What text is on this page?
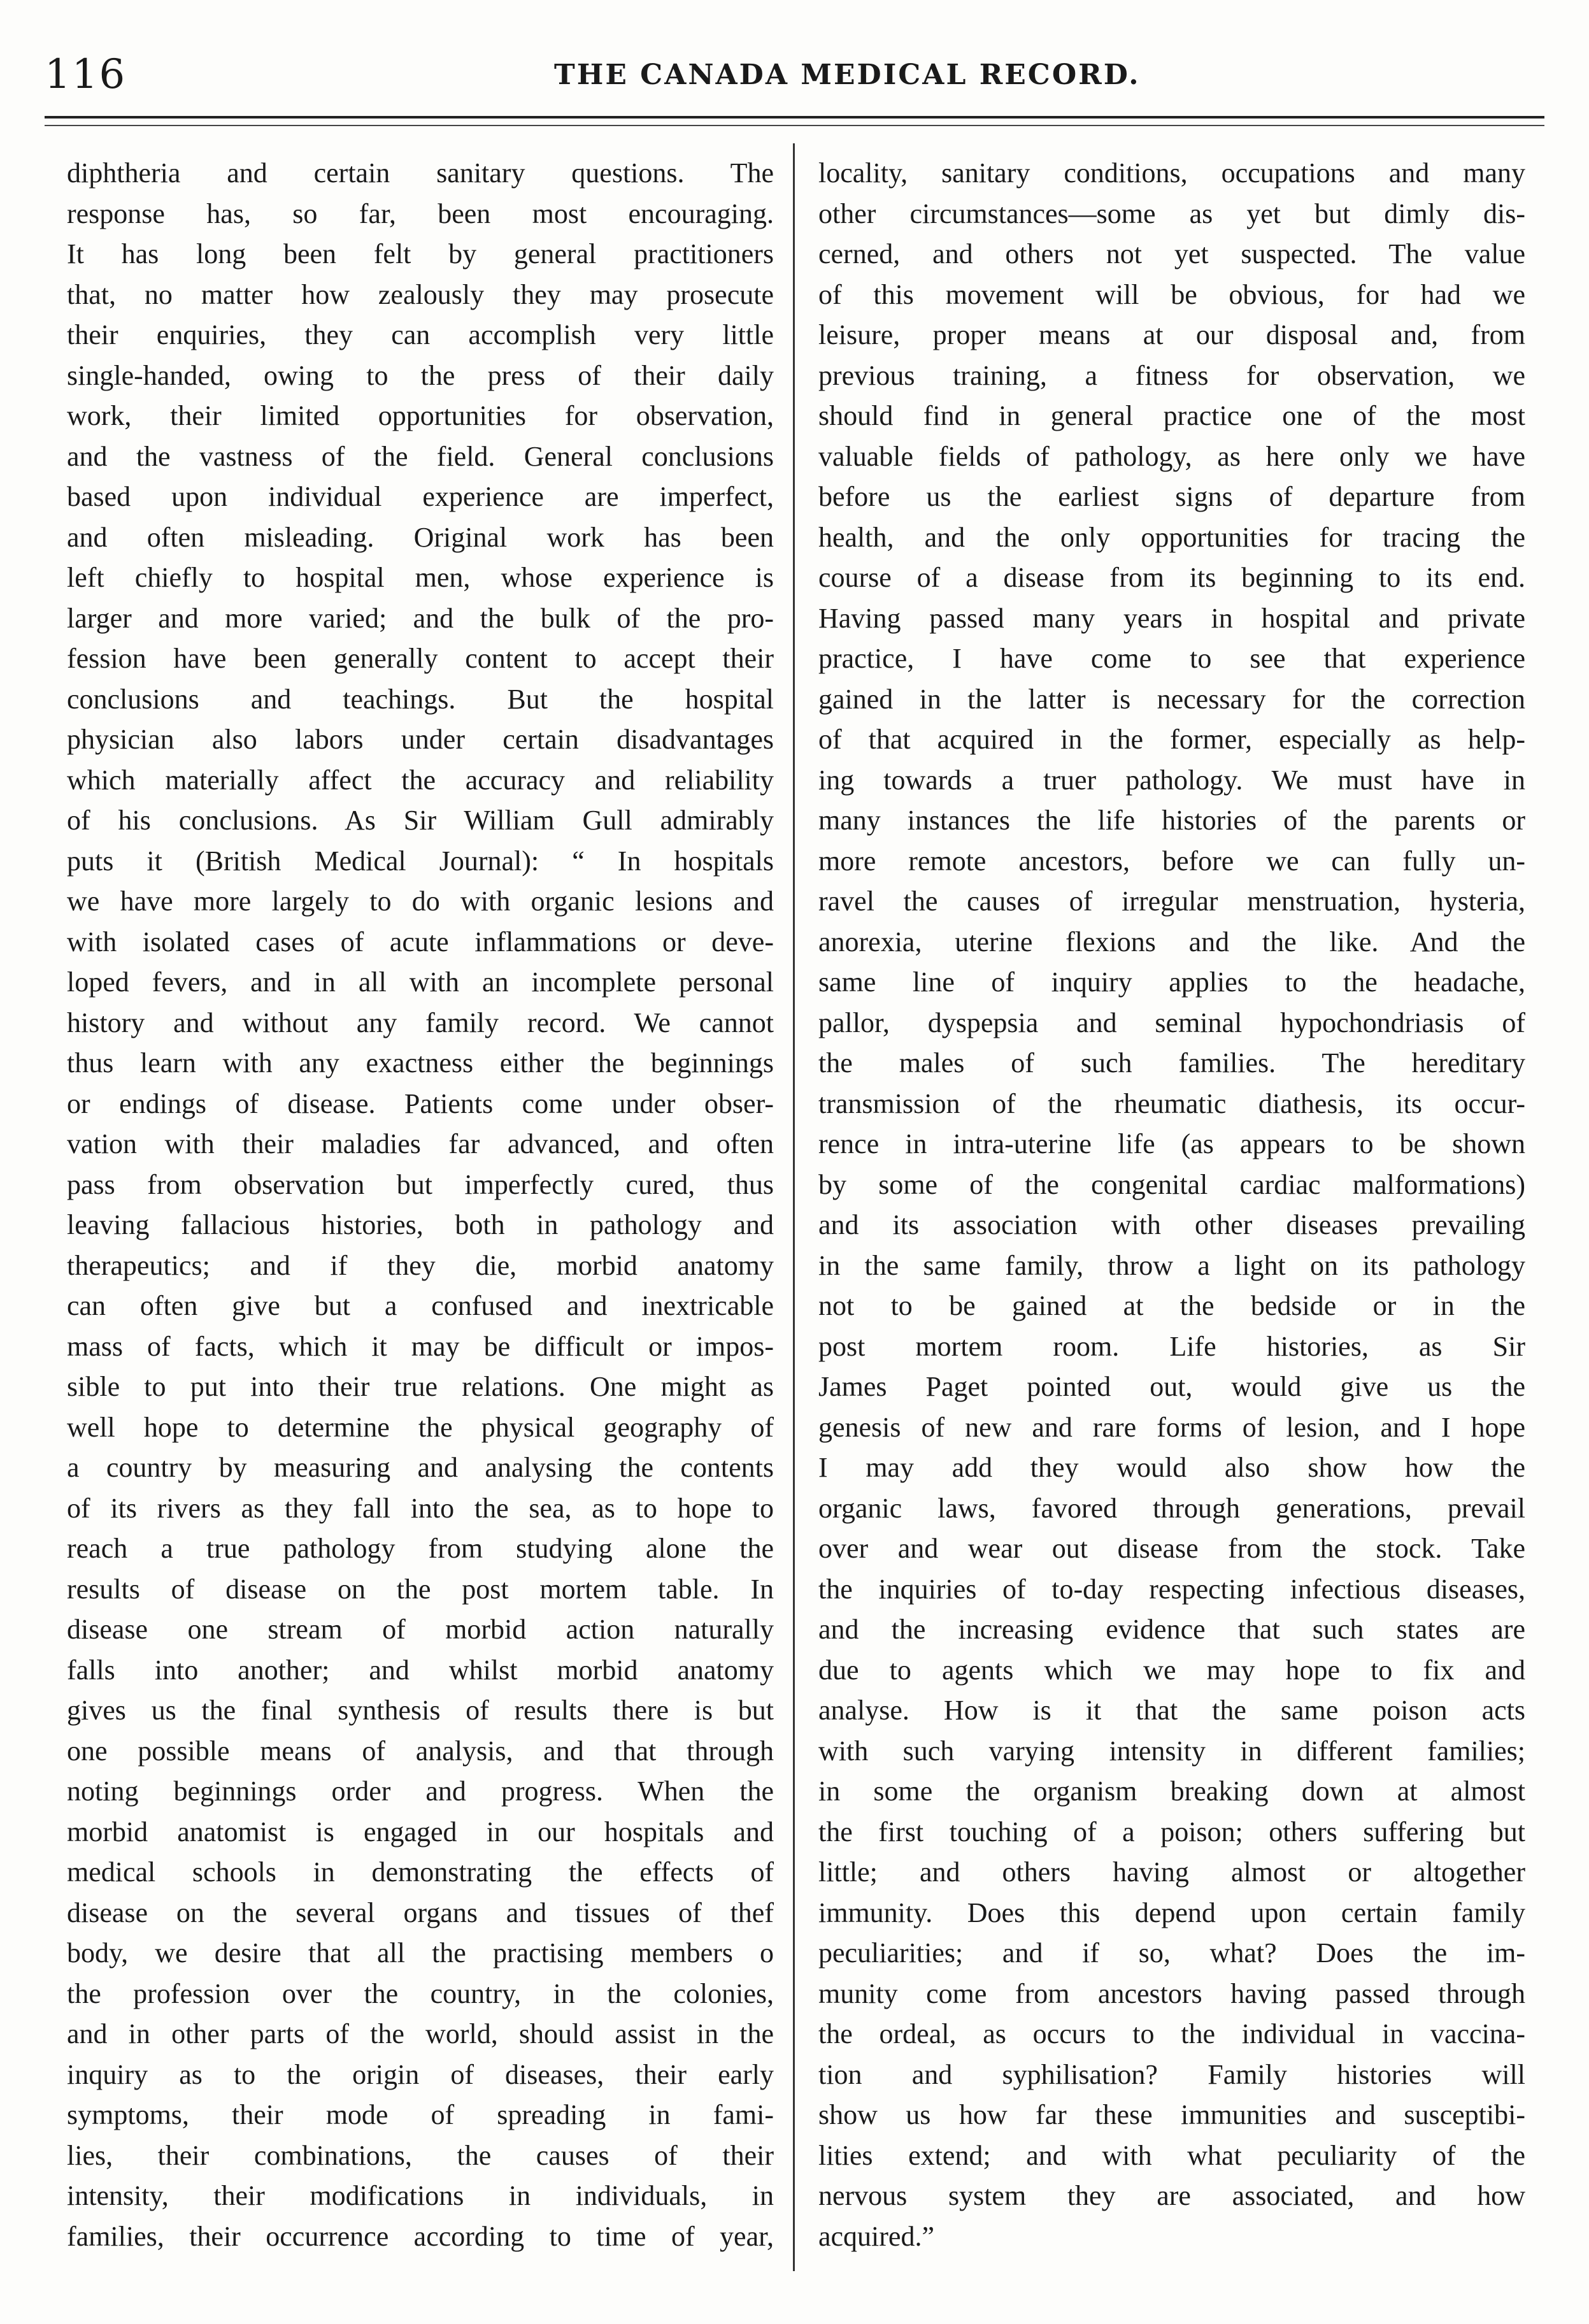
116	THE CANADA MEDICAL RECORD.
diphtheria and certain sanitary questions. The
response has, so far, been most encouraging.
It has long been felt by general practitioners
that, no matter how zealously they may prosecute
their enquiries, they can accomplish very little
single-handed, owing to the press of their daily
work, their limited opportunities for observation,
and the vastness of the field. General conclusions
based upon individual experience are imperfect,
and often misleading. Original work has been
left chiefly to hospital men, whose experience is
larger and more varied; and the bulk of the pro-
fession have been generally content to accept their
conclusions and teachings. But the hospital
physician also labors under certain disadvantages
which materially affect the accuracy and reliability
of his conclusions. As Sir William Gull admirably
puts it (British Medical Journal): “ In hospitals
we have more largely to do with organic lesions and
with isolated cases of acute inflammations or deve-
loped fevers, and in all with an incomplete personal
history and without any family record. We cannot
thus learn with any exactness either the beginnings
or endings of disease. Patients come under obser-
vation with their maladies far advanced, and often
pass from observation but imperfectly cured, thus
leaving fallacious histories, both in pathology and
therapeutics; and if they die, morbid anatomy
can often give but a confused and inextricable
mass of facts, which it may be difficult or impos-
sible to put into their true relations. One might as
well hope to determine the physical geography of
a country by measuring and analysing the contents
of its rivers as they fall into the sea, as to hope to
reach a true pathology from studying alone the
results of disease on the post mortem table. In
disease one stream of morbid action naturally
falls into another; and whilst morbid anatomy
gives us the final synthesis of results there is but
one possible means of analysis, and that through
noting beginnings order and progress. When the
morbid anatomist is engaged in our hospitals and
medical schools in demonstrating the effects of
disease on the several organs and tissues of thef
body, we desire that all the practising members o
the profession over the country, in the colonies,
and in other parts of the world, should assist in the
inquiry as to the origin of diseases, their early
symptoms, their mode of spreading in fami-
lies, their combinations, the causes of their
intensity, their modifications in individuals, in
families, their occurrence according to time of year,
locality, sanitary conditions, occupations and many
other circumstances—some as yet but dimly dis-
cerned, and others not yet suspected. The value
of this movement will be obvious, for had we
leisure, proper means at our disposal and, from
previous training, a fitness for observation, we
should find in general practice one of the most
valuable fields of pathology, as here only we have
before us the earliest signs of departure from
health, and the only opportunities for tracing the
course of a disease from its beginning to its end.
Having passed many years in hospital and private
practice, I have come to see that experience
gained in the latter is necessary for the correction
of that acquired in the former, especially as help-
ing towards a truer pathology. We must have in
many instances the life histories of the parents or
more remote ancestors, before we can fully un-
ravel the causes of irregular menstruation, hysteria,
anorexia, uterine flexions and the like. And the
same line of inquiry applies to the headache,
pallor, dyspepsia and seminal hypochondriasis of
the males of such families. The hereditary
transmission of the rheumatic diathesis, its occur-
rence in intra-uterine life (as appears to be shown
by some of the congenital cardiac malformations)
and its association with other diseases prevailing
in the same family, throw a light on its pathology
not to be gained at the bedside or in the
post mortem room. Life histories, as Sir
James Paget pointed out, would give us the
genesis of new and rare forms of lesion, and I hope
I may add they would also show how the
organic laws, favored through generations, prevail
over and wear out disease from the stock. Take
the inquiries of to-day respecting infectious diseases,
and the increasing evidence that such states are
due to agents which we may hope to fix and
analyse. How is it that the same poison acts
with such varying intensity in different families;
in some the organism breaking down at almost
the first touching of a poison; others suffering but
little; and others having almost or altogether
immunity. Does this depend upon certain family
peculiarities; and if so, what? Does the im-
munity come from ancestors having passed through
the ordeal, as occurs to the individual in vaccina-
tion and syphilisation? Family histories will
show us how far these immunities and susceptibi-
lities extend; and with what peculiarity of the
nervous system they are associated, and how
acquired.”
